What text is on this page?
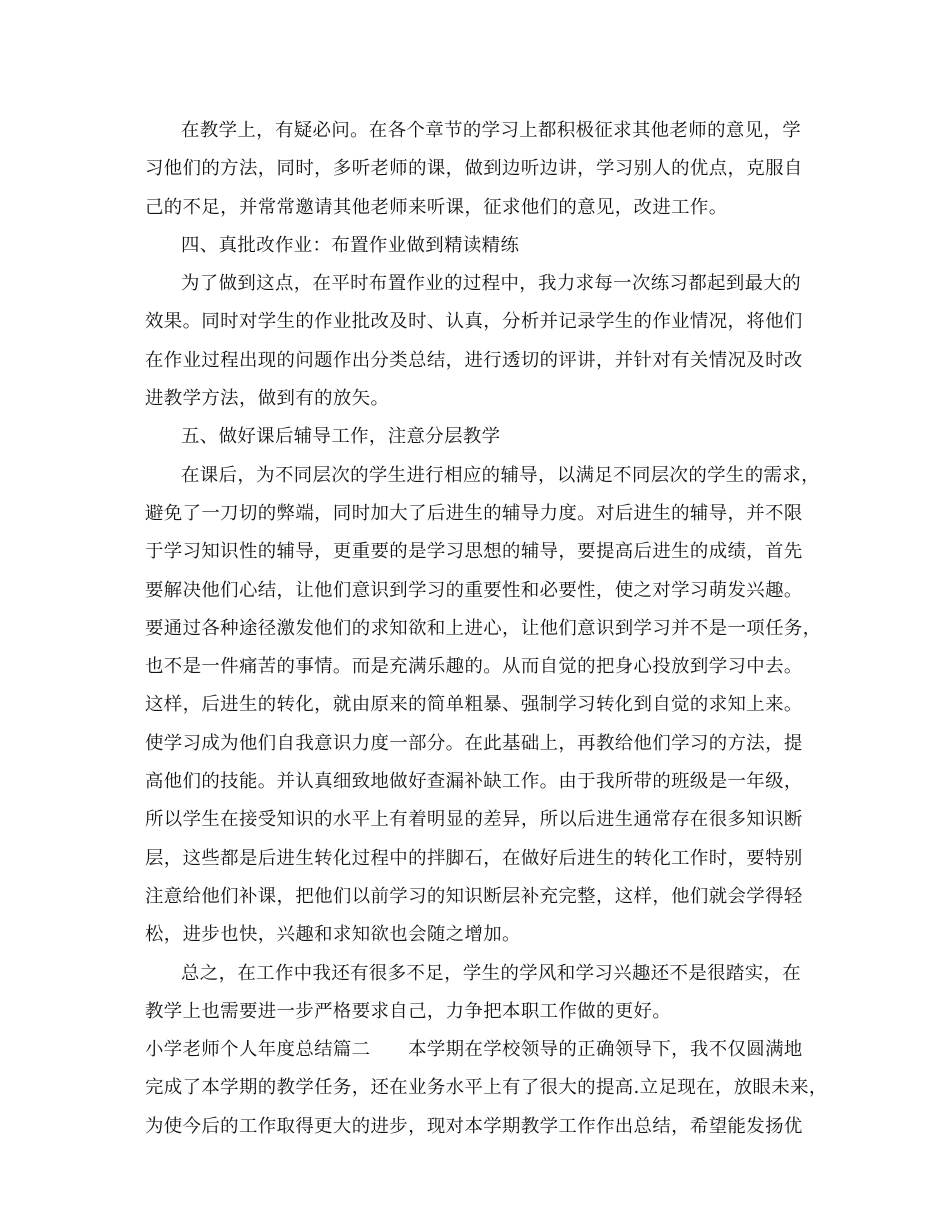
在教学上，有疑必问。在各个章节的学习上都积极征求其他老师的意见，学
习他们的方法，同时，多听老师的课，做到边听边讲，学习别人的优点，克服自
己的不足，并常常邀请其他老师来听课，征求他们的意见，改进工作。
四、真批改作业：布置作业做到精读精练
为了做到这点，在平时布置作业的过程中，我力求每一次练习都起到最大的
效果。同时对学生的作业批改及时、认真，分析并记录学生的作业情况，将他们
在作业过程出现的问题作出分类总结，进行透切的评讲，并针对有关情况及时改
进教学方法，做到有的放矢。
五、做好课后辅导工作，注意分层教学
在课后，为不同层次的学生进行相应的辅导，以满足不同层次的学生的需求，
避免了一刀切的弊端，同时加大了后进生的辅导力度。对后进生的辅导，并不限
于学习知识性的辅导，更重要的是学习思想的辅导，要提高后进生的成绩，首先
要解决他们心结，让他们意识到学习的重要性和必要性，使之对学习萌发兴趣。
要通过各种途径激发他们的求知欲和上进心，让他们意识到学习并不是一项任务，
也不是一件痛苦的事情。而是充满乐趣的。从而自觉的把身心投放到学习中去。
这样，后进生的转化，就由原来的简单粗暴、强制学习转化到自觉的求知上来。
使学习成为他们自我意识力度一部分。在此基础上，再教给他们学习的方法，提
高他们的技能。并认真细致地做好查漏补缺工作。由于我所带的班级是一年级，
所以学生在接受知识的水平上有着明显的差异，所以后进生通常存在很多知识断
层，这些都是后进生转化过程中的拌脚石，在做好后进生的转化工作时，要特别
注意给他们补课，把他们以前学习的知识断层补充完整，这样，他们就会学得轻
松，进步也快，兴趣和求知欲也会随之增加。
总之，在工作中我还有很多不足，学生的学风和学习兴趣还不是很踏实，在
教学上也需要进一步严格要求自己，力争把本职工作做的更好。
小学老师个人年度总结篇二　　本学期在学校领导的正确领导下，我不仅圆满地
完成了本学期的教学任务，还在业务水平上有了很大的提高.立足现在，放眼未来，
为使今后的工作取得更大的进步，现对本学期教学工作作出总结，希望能发扬优
